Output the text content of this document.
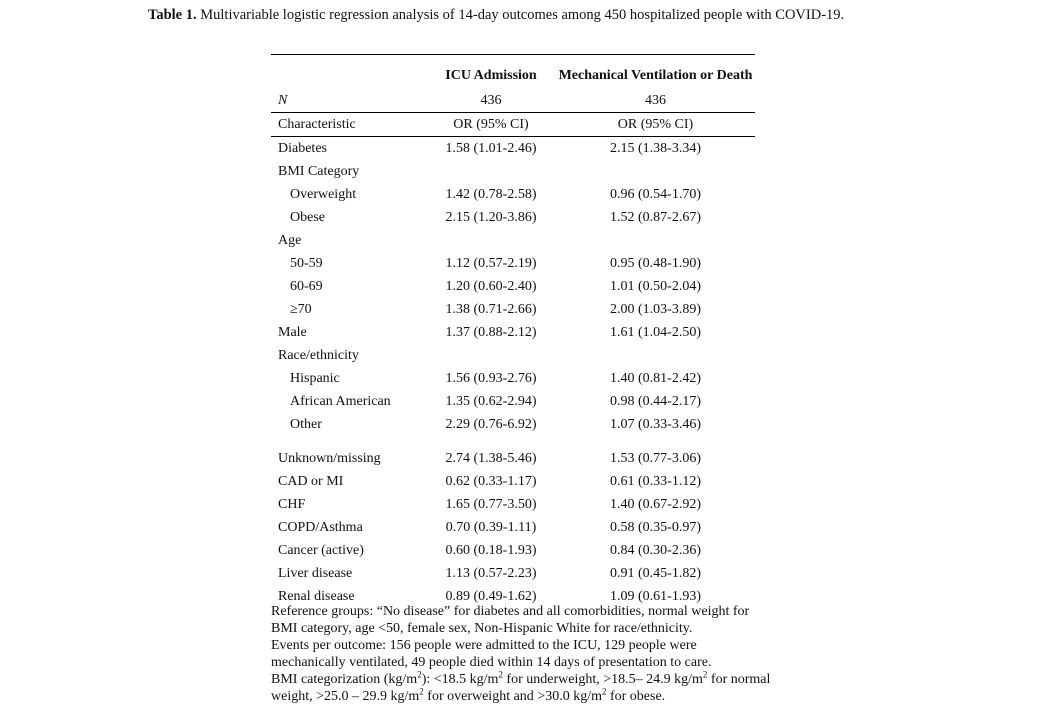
Table 1. Multivariable logistic regression analysis of 14-day outcomes among 450 hospitalized people with COVID-19.
	ICU Admission	Mechanical Ventilation or Death
N	436	436
Characteristic	OR (95% CI)	OR (95% CI)
Diabetes	1.58 (1.01-2.46)	2.15 (1.38-3.34)
BMI Category		
Overweight	1.42 (0.78-2.58)	0.96 (0.54-1.70)
Obese	2.15 (1.20-3.86)	1.52 (0.87-2.67)
Age		
50-59	1.12 (0.57-2.19)	0.95 (0.48-1.90)
60-69	1.20 (0.60-2.40)	1.01 (0.50-2.04)
≥70	1.38 (0.71-2.66)	2.00 (1.03-3.89)
Male	1.37 (0.88-2.12)	1.61 (1.04-2.50)
Race/ethnicity		
Hispanic	1.56 (0.93-2.76)	1.40 (0.81-2.42)
African American	1.35 (0.62-2.94)	0.98 (0.44-2.17)
Other	2.29 (0.76-6.92)	1.07 (0.33-3.46)

Unknown/missing	2.74 (1.38-5.46)	1.53 (0.77-3.06)
CAD or MI	0.62 (0.33-1.17)	0.61 (0.33-1.12)
CHF	1.65 (0.77-3.50)	1.40 (0.67-2.92)
COPD/Asthma	0.70 (0.39-1.11)	0.58 (0.35-0.97)
Cancer (active)	0.60 (0.18-1.93)	0.84 (0.30-2.36)
Liver disease	1.13 (0.57-2.23)	0.91 (0.45-1.82)
Renal disease	0.89 (0.49-1.62)	1.09 (0.61-1.93)

Reference groups: “No disease” for diabetes and all comorbidities, normal weight for BMI category, age <50, female sex, Non-Hispanic White for race/ethnicity.

Events per outcome: 156 people were admitted to the ICU, 129 people were mechanically ventilated, 49 people died within 14 days of presentation to care.

BMI categorization $(kg/m^2)$: <18.5 $kg/m^2$ for underweight, >18.5– 24.9 $kg/m^2$ for normal weight, >25.0 – 29.9 $kg/m^2$ for overweight and >30.0 $kg/m^2$ for obese.
